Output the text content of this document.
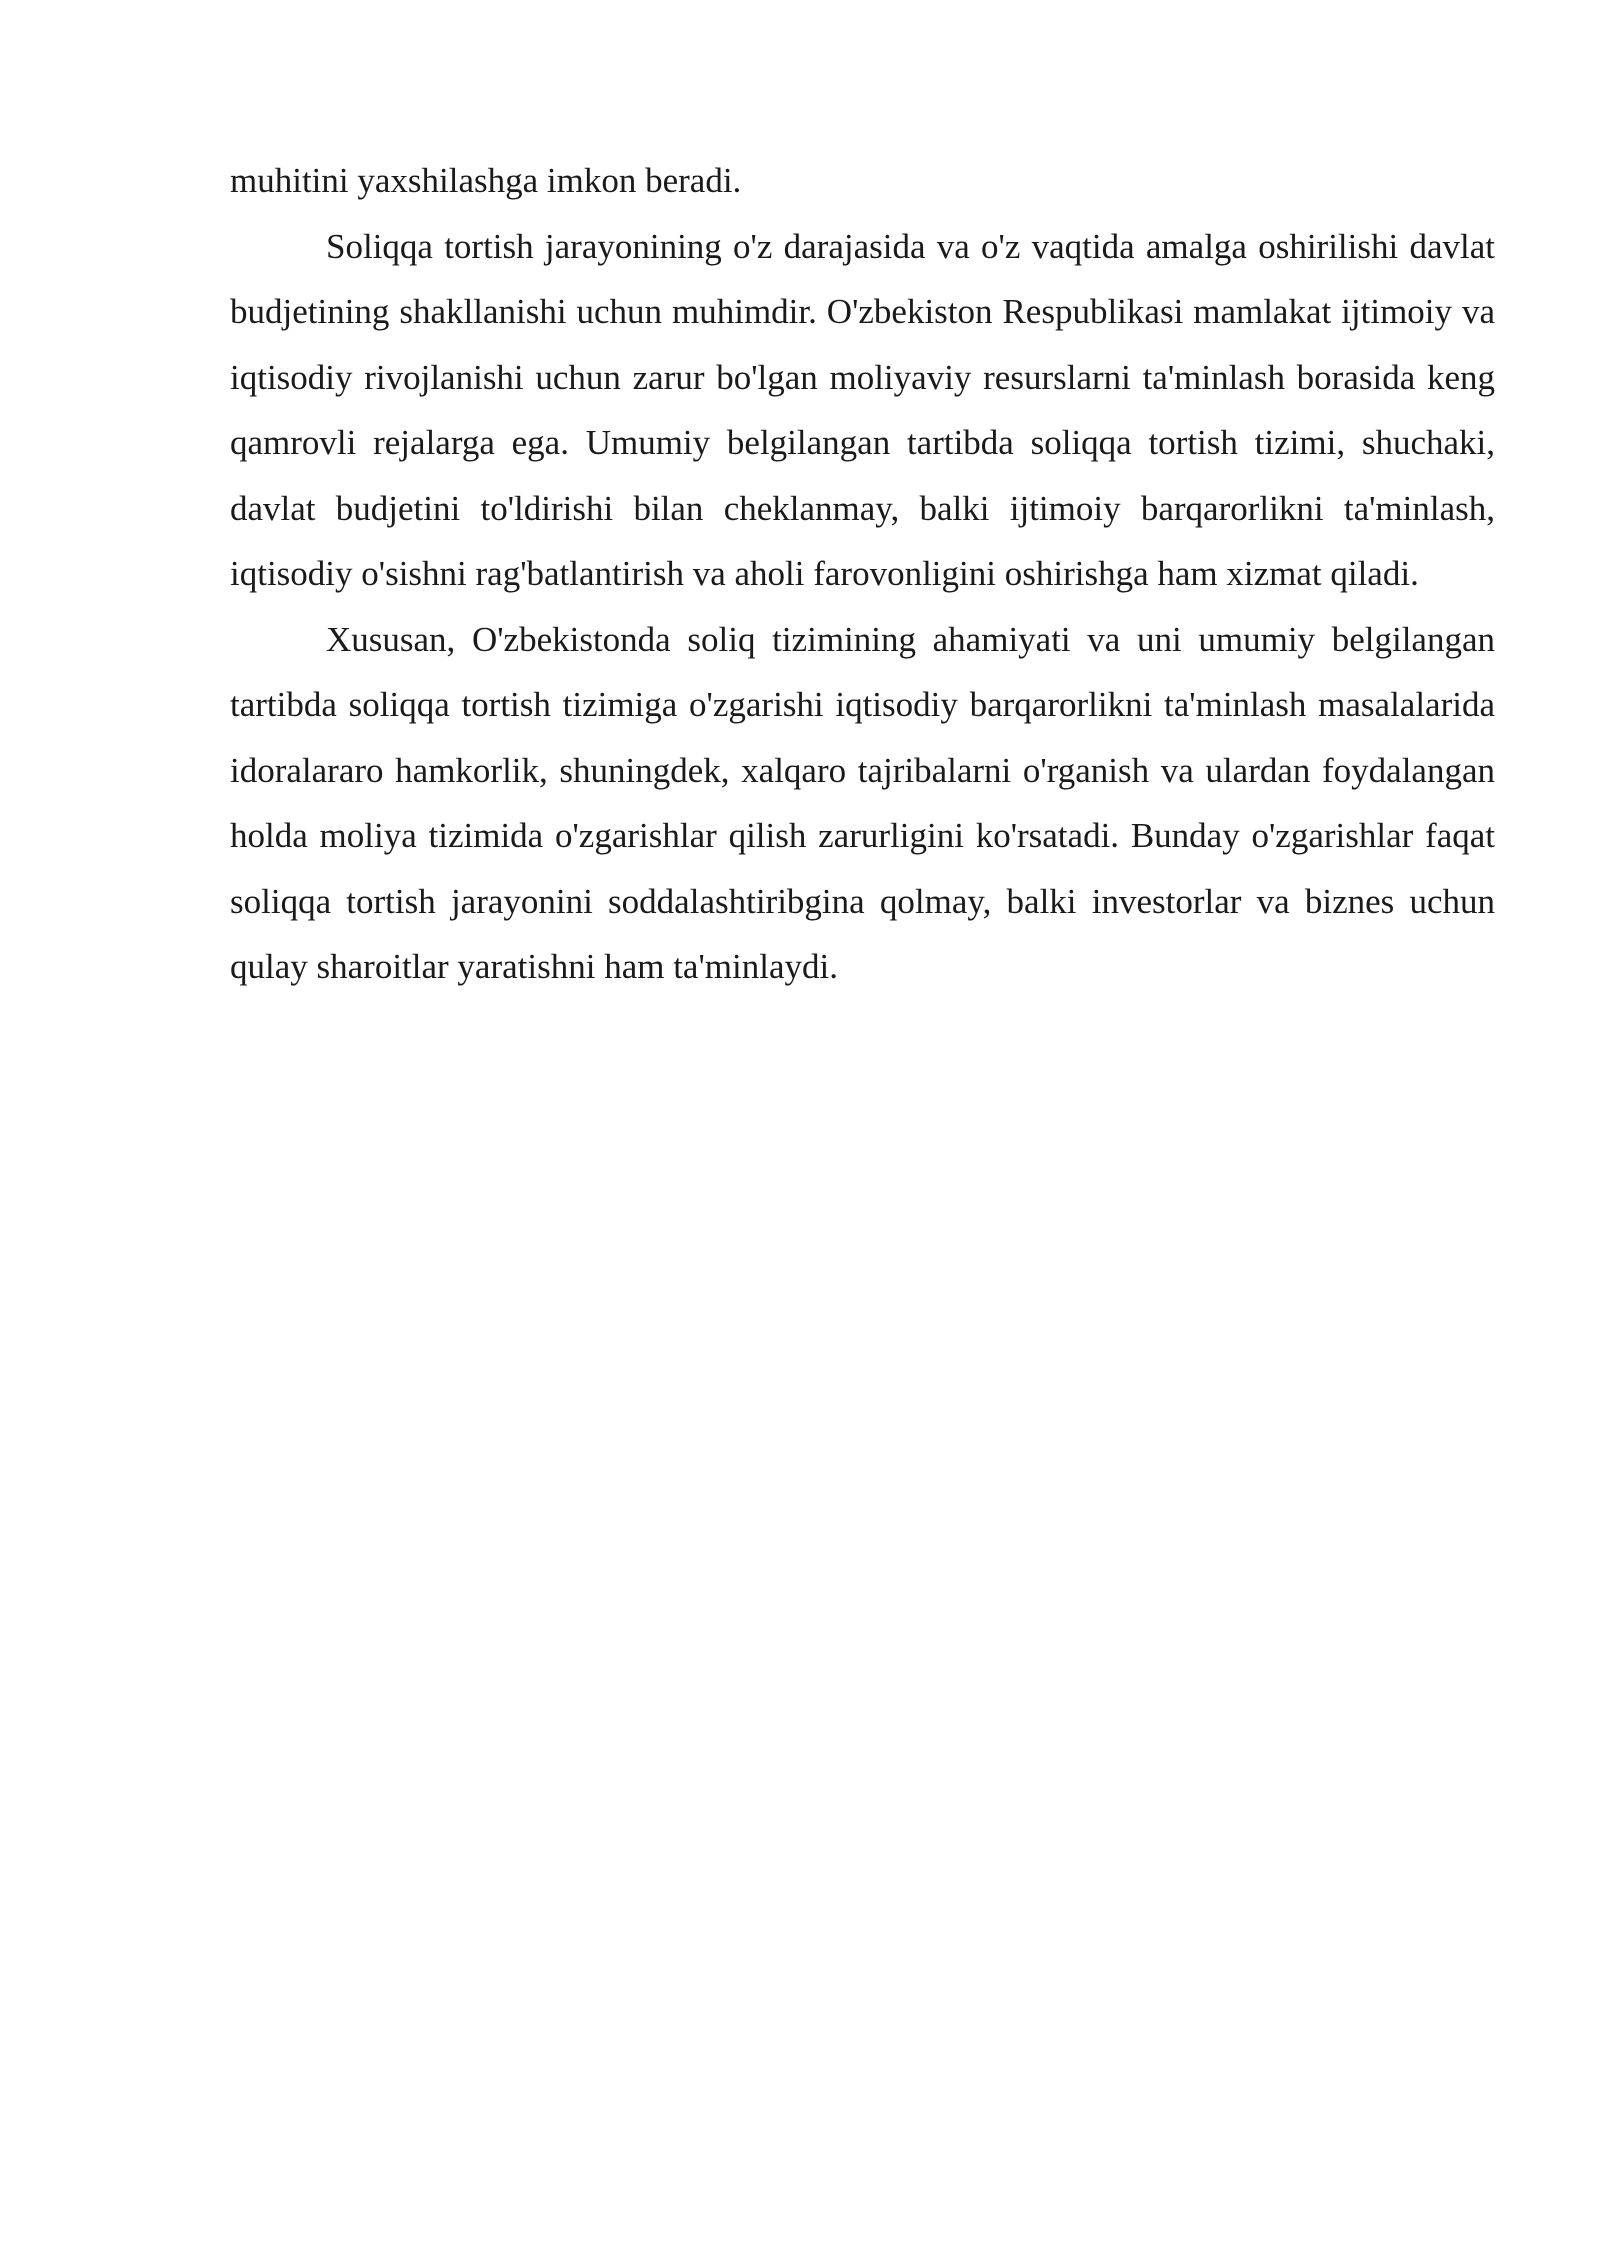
muhitini yaxshilashga imkon beradi.

Soliqqa tortish jarayonining o'z darajasida va o'z vaqtida amalga oshirilishi davlat budjetining shakllanishi uchun muhimdir. O'zbekiston Respublikasi mamlakat ijtimoiy va iqtisodiy rivojlanishi uchun zarur bo'lgan moliyaviy resurslarni ta'minlash borasida keng qamrovli rejalarga ega. Umumiy belgilangan tartibda soliqqa tortish tizimi, shuchaki, davlat budjetini to'ldirishi bilan cheklanmay, balki ijtimoiy barqarorlikni ta'minlash, iqtisodiy o'sishni rag'batlantirish va aholi farovonligini oshirishga ham xizmat qiladi.

Xususan, O'zbekistonda soliq tizimining ahamiyati va uni umumiy belgilangan tartibda soliqqa tortish tizimiga o'zgarishi iqtisodiy barqarorlikni ta'minlash masalalarida idoralararo hamkorlik, shuningdek, xalqaro tajribalarni o'rganish va ulardan foydalangan holda moliya tizimida o'zgarishlar qilish zarurligini ko'rsatadi. Bunday o'zgarishlar faqat soliqqa tortish jarayonini soddalashtiribgina qolmay, balki investorlar va biznes uchun qulay sharoitlar yaratishni ham ta'minlaydi.
